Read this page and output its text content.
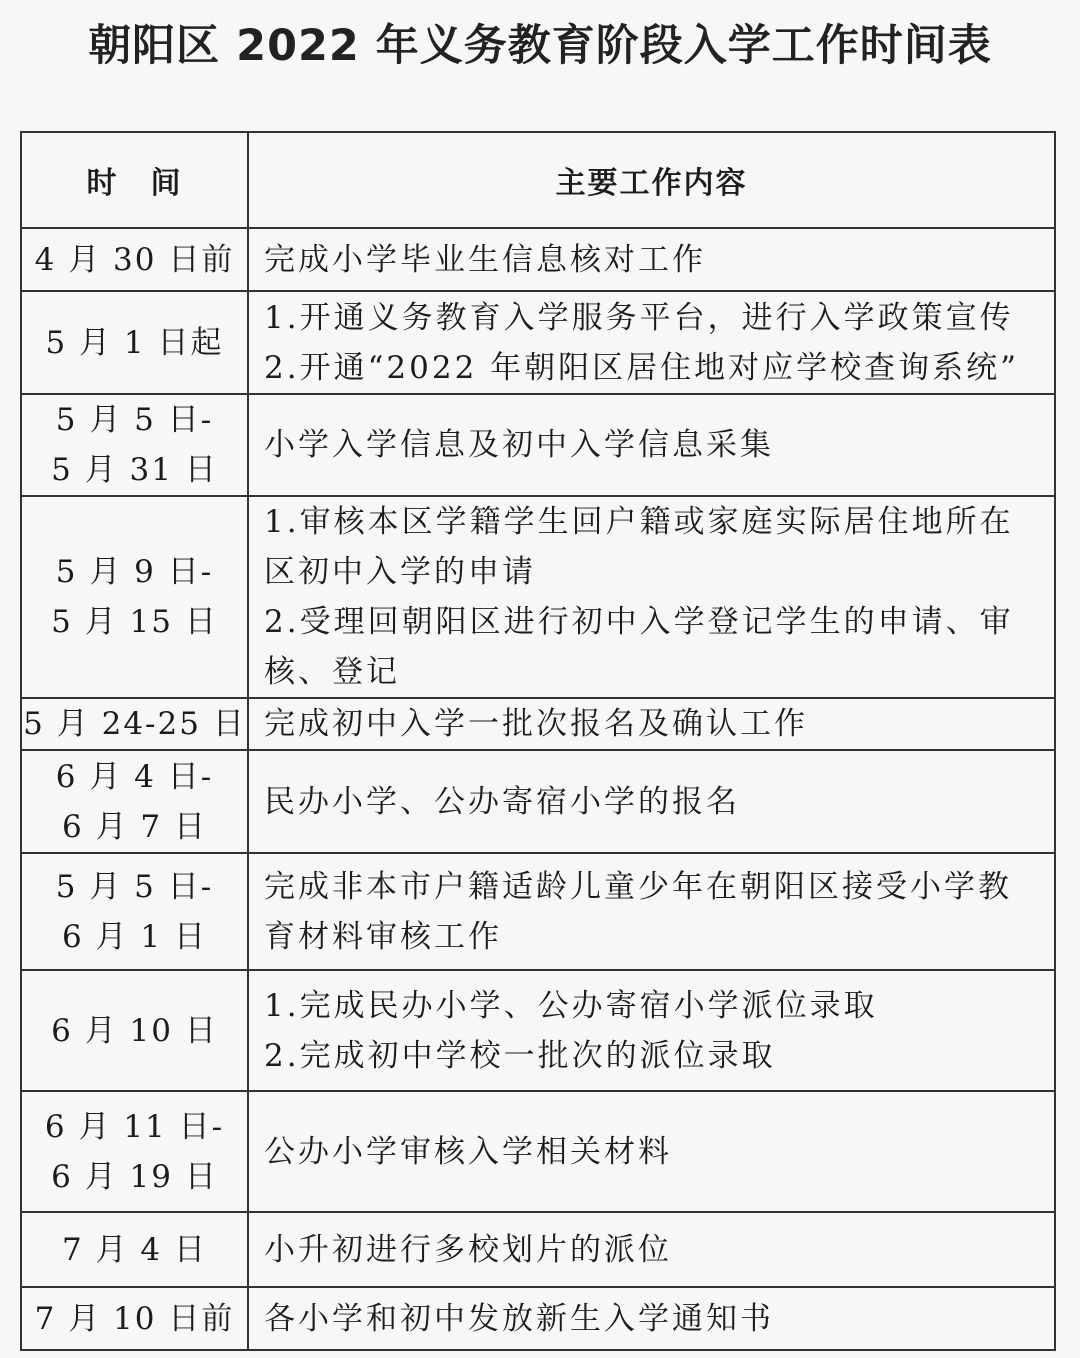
朝阳区 2022 年义务教育阶段入学工作时间表
时　间	主要工作内容

4 月 30 日前	完成小学毕业生信息核对工作

5 月 1 日起	1.开通义务教育入学服务平台，进行入学政策宣传
2.开通“2022 年朝阳区居住地对应学校查询系统”

5 月 5 日-
5 月 31 日	小学入学信息及初中入学信息采集

5 月 9 日-
5 月 15 日	1.审核本区学籍学生回户籍或家庭实际居住地所在区初中入学的申请
2.受理回朝阳区进行初中入学登记学生的申请、审核、登记

5 月 24-25 日	完成初中入学一批次报名及确认工作

6 月 4 日-
6 月 7 日	民办小学、公办寄宿小学的报名

5 月 5 日-
6 月 1 日	完成非本市户籍适龄儿童少年在朝阳区接受小学教育材料审核工作

6 月 10 日	1.完成民办小学、公办寄宿小学派位录取
2.完成初中学校一批次的派位录取

6 月 11 日-
6 月 19 日	公办小学审核入学相关材料

7 月 4 日	小升初进行多校划片的派位

7 月 10 日前	各小学和初中发放新生入学通知书
